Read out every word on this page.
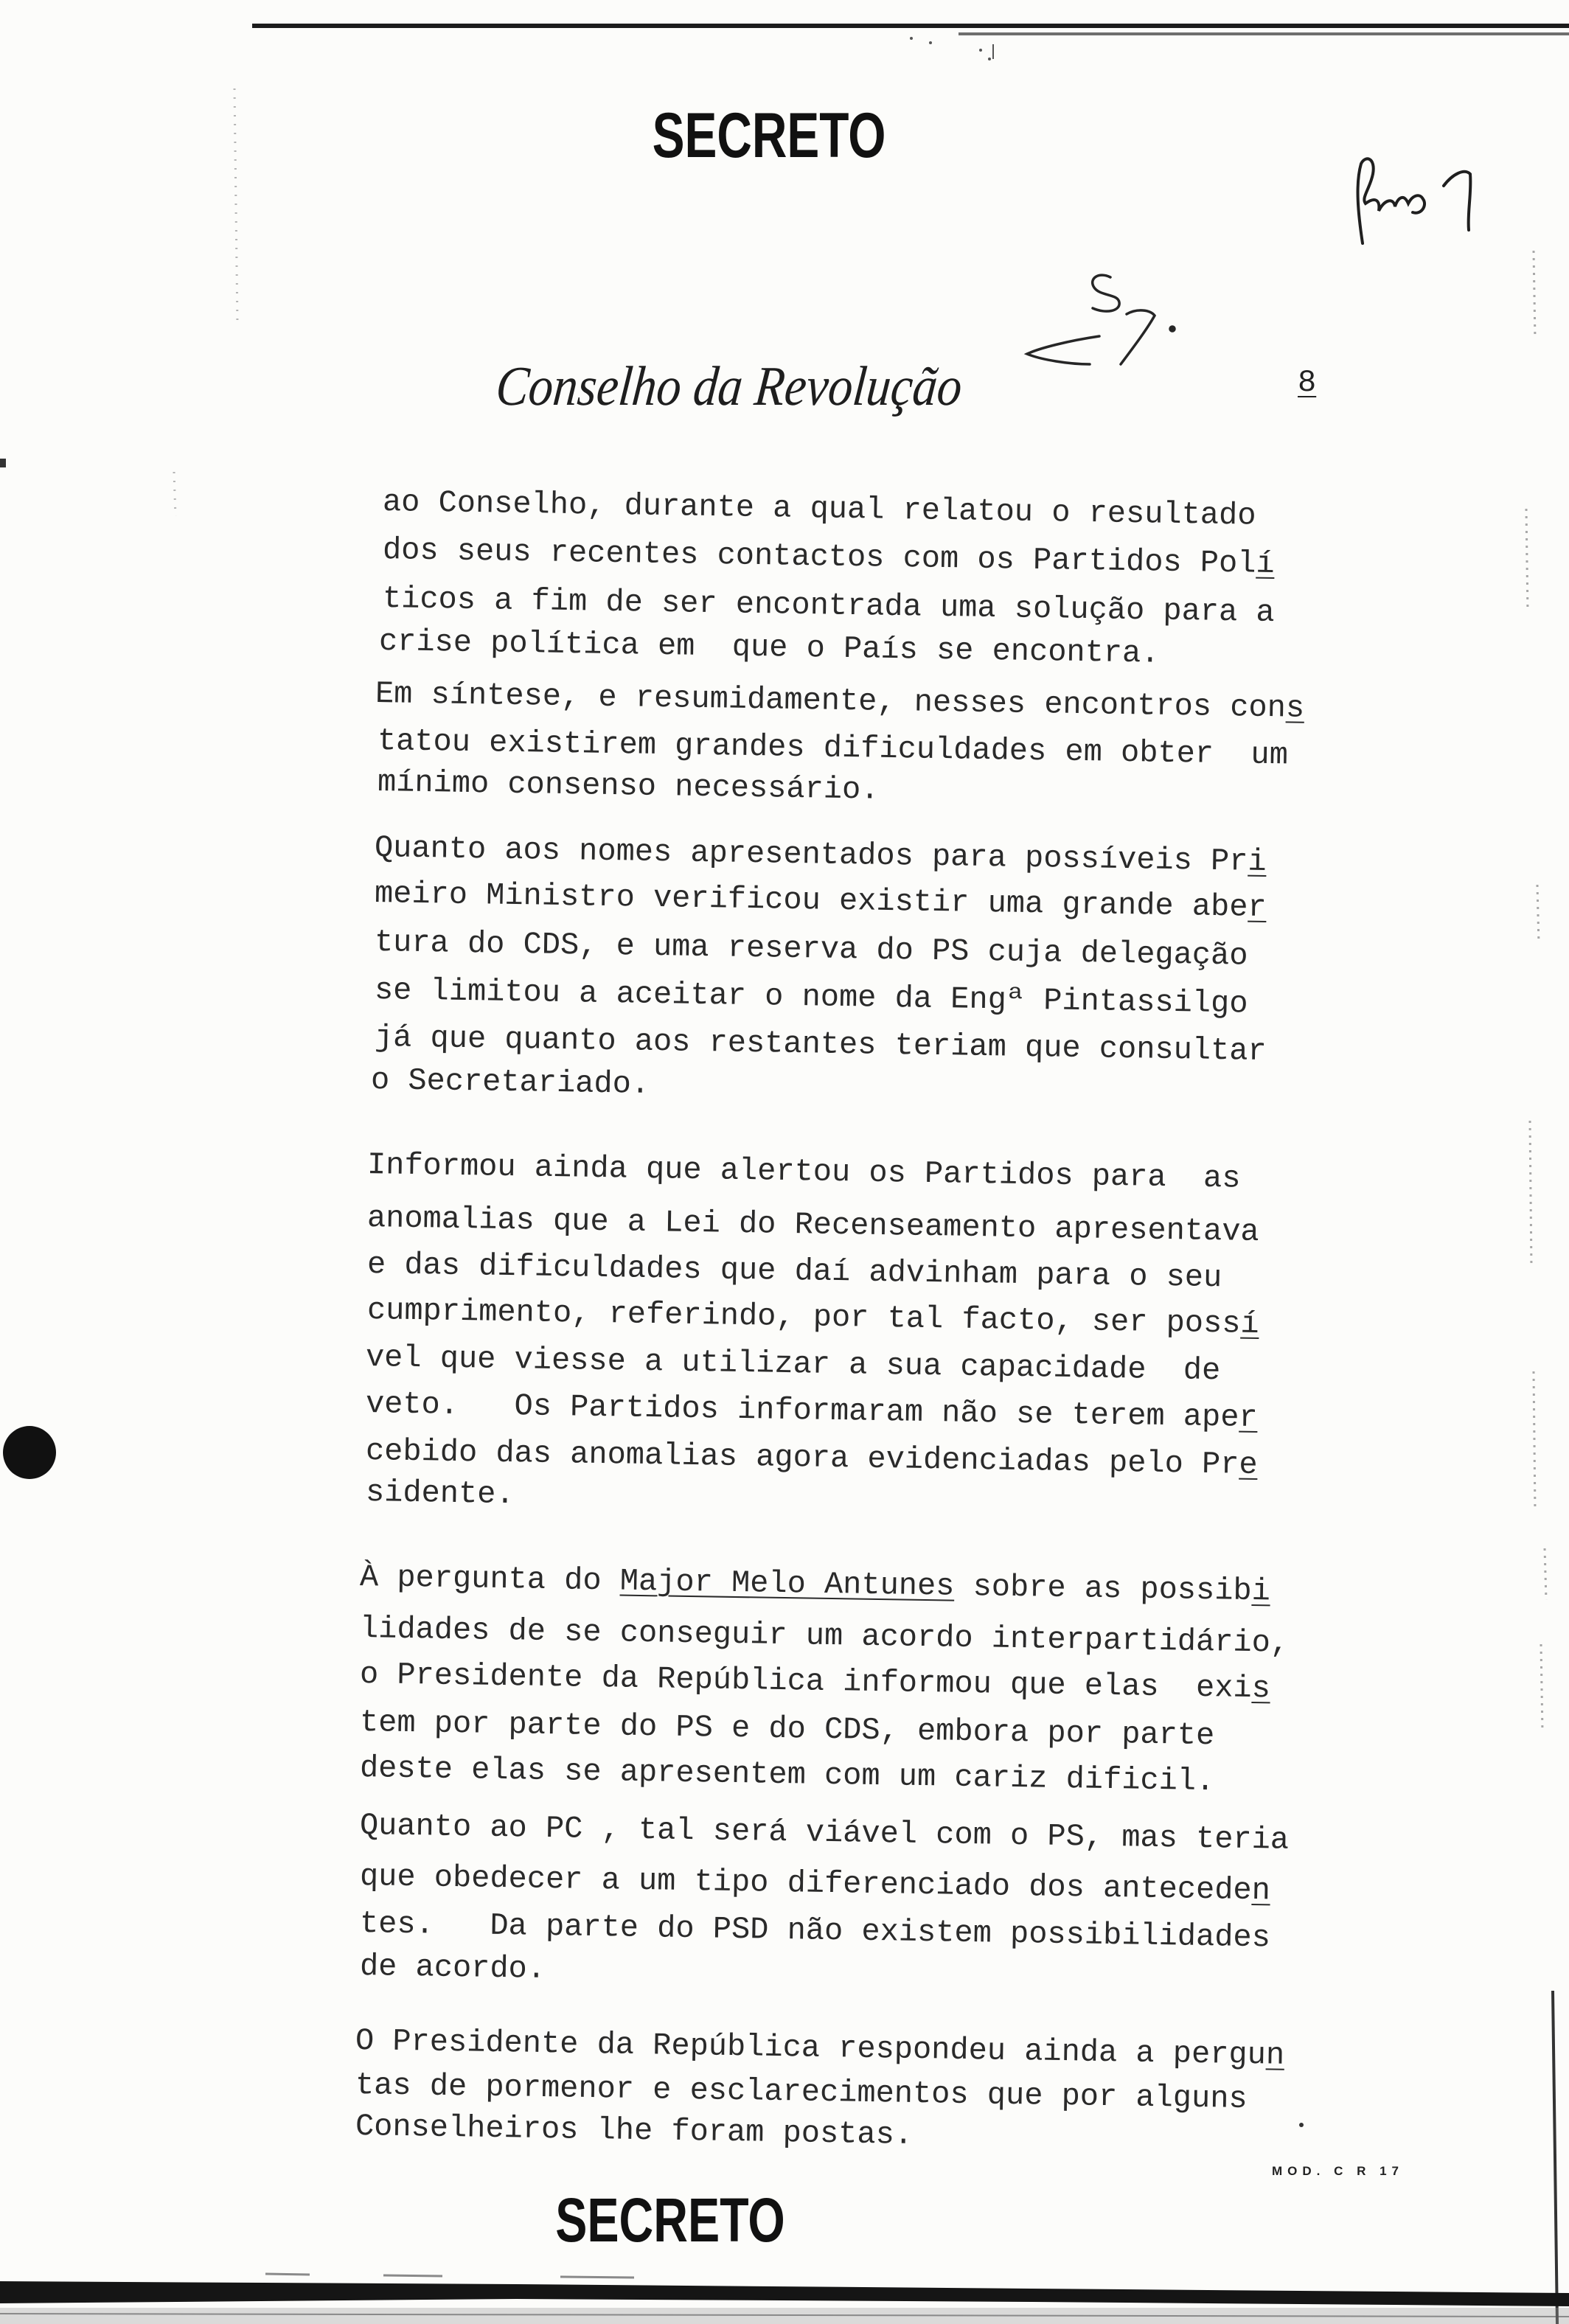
SECRETO
Conselho da Revolução	8
ao Conselho, durante a qual relatou o resultado
dos seus recentes contactos com os Partidos Polí
ticos a fim de ser encontrada uma solução para a
crise política em  que o País se encontra.
Em síntese, e resumidamente, nesses encontros cons
tatou existirem grandes dificuldades em obter  um
mínimo consenso necessário.
Quanto aos nomes apresentados para possíveis Pri
meiro Ministro verificou existir uma grande aber
tura do CDS, e uma reserva do PS cuja delegação
se limitou a aceitar o nome da Engª Pintassilgo
já que quanto aos restantes teriam que consultar
o Secretariado.
Informou ainda que alertou os Partidos para  as
anomalias que a Lei do Recenseamento apresentava
e das dificuldades que daí advinham para o seu
cumprimento, referindo, por tal facto, ser possí
vel que viesse a utilizar a sua capacidade  de
veto.   Os Partidos informaram não se terem aper
cebido das anomalias agora evidenciadas pelo Pre
sidente.
À pergunta do Major Melo Antunes sobre as possibi
lidades de se conseguir um acordo interpartidário,
o Presidente da República informou que elas  exis
tem por parte do PS e do CDS, embora por parte
deste elas se apresentem com um cariz dificil.
Quanto ao PC , tal será viável com o PS, mas teria
que obedecer a um tipo diferenciado dos anteceden
tes.   Da parte do PSD não existem possibilidades
de acordo.
O Presidente da República respondeu ainda a pergun
tas de pormenor e esclarecimentos que por alguns
Conselheiros lhe foram postas.
MOD. C R 17
SECRETO
